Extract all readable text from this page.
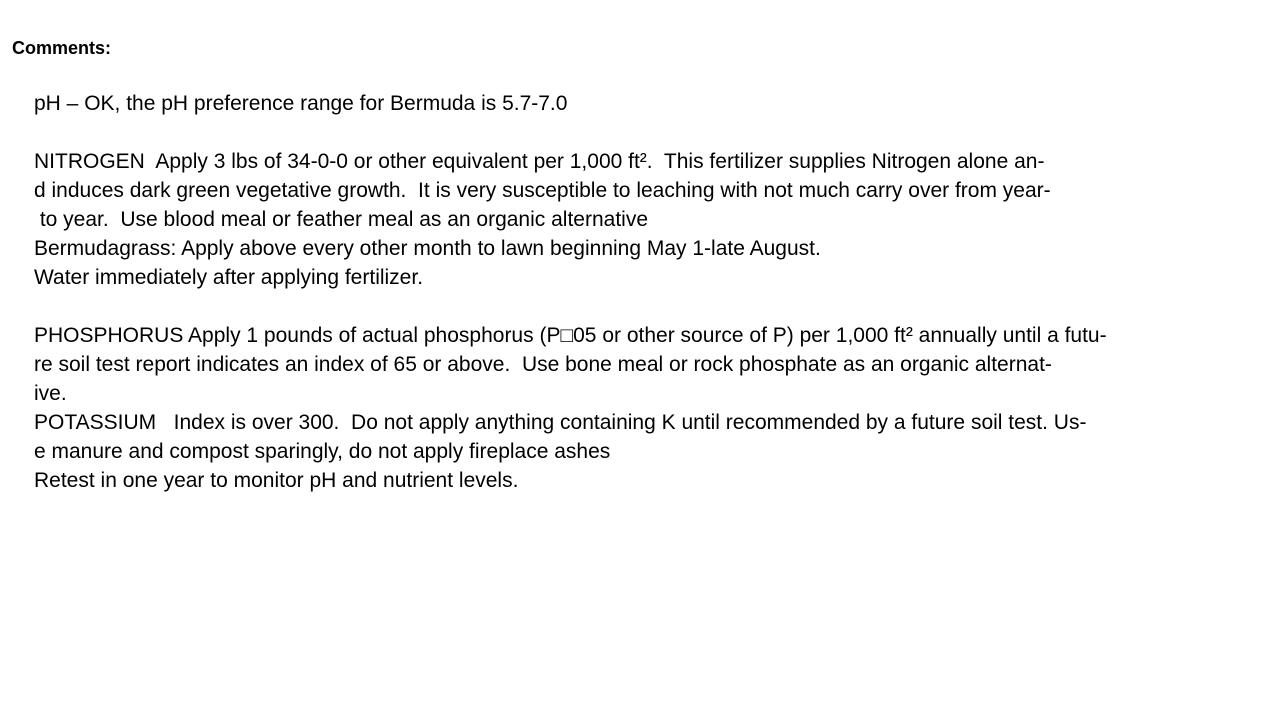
Comments:
pH – OK, the pH preference range for Bermuda is 5.7-7.0
NITROGEN  Apply 3 lbs of 34-0-0 or other equivalent per 1,000 ft².  This fertilizer supplies Nitrogen alone an-
d induces dark green vegetative growth.  It is very susceptible to leaching with not much carry over from year-
to year.  Use blood meal or feather meal as an organic alternative
Bermudagrass: Apply above every other month to lawn beginning May 1-late August.
Water immediately after applying fertilizer.
PHOSPHORUS Apply 1 pounds of actual phosphorus (P□05 or other source of P) per 1,000 ft² annually until a futu-
re soil test report indicates an index of 65 or above.  Use bone meal or rock phosphate as an organic alternat-
ive.
POTASSIUM   Index is over 300.  Do not apply anything containing K until recommended by a future soil test. Us-
e manure and compost sparingly, do not apply fireplace ashes
Retest in one year to monitor pH and nutrient levels.
